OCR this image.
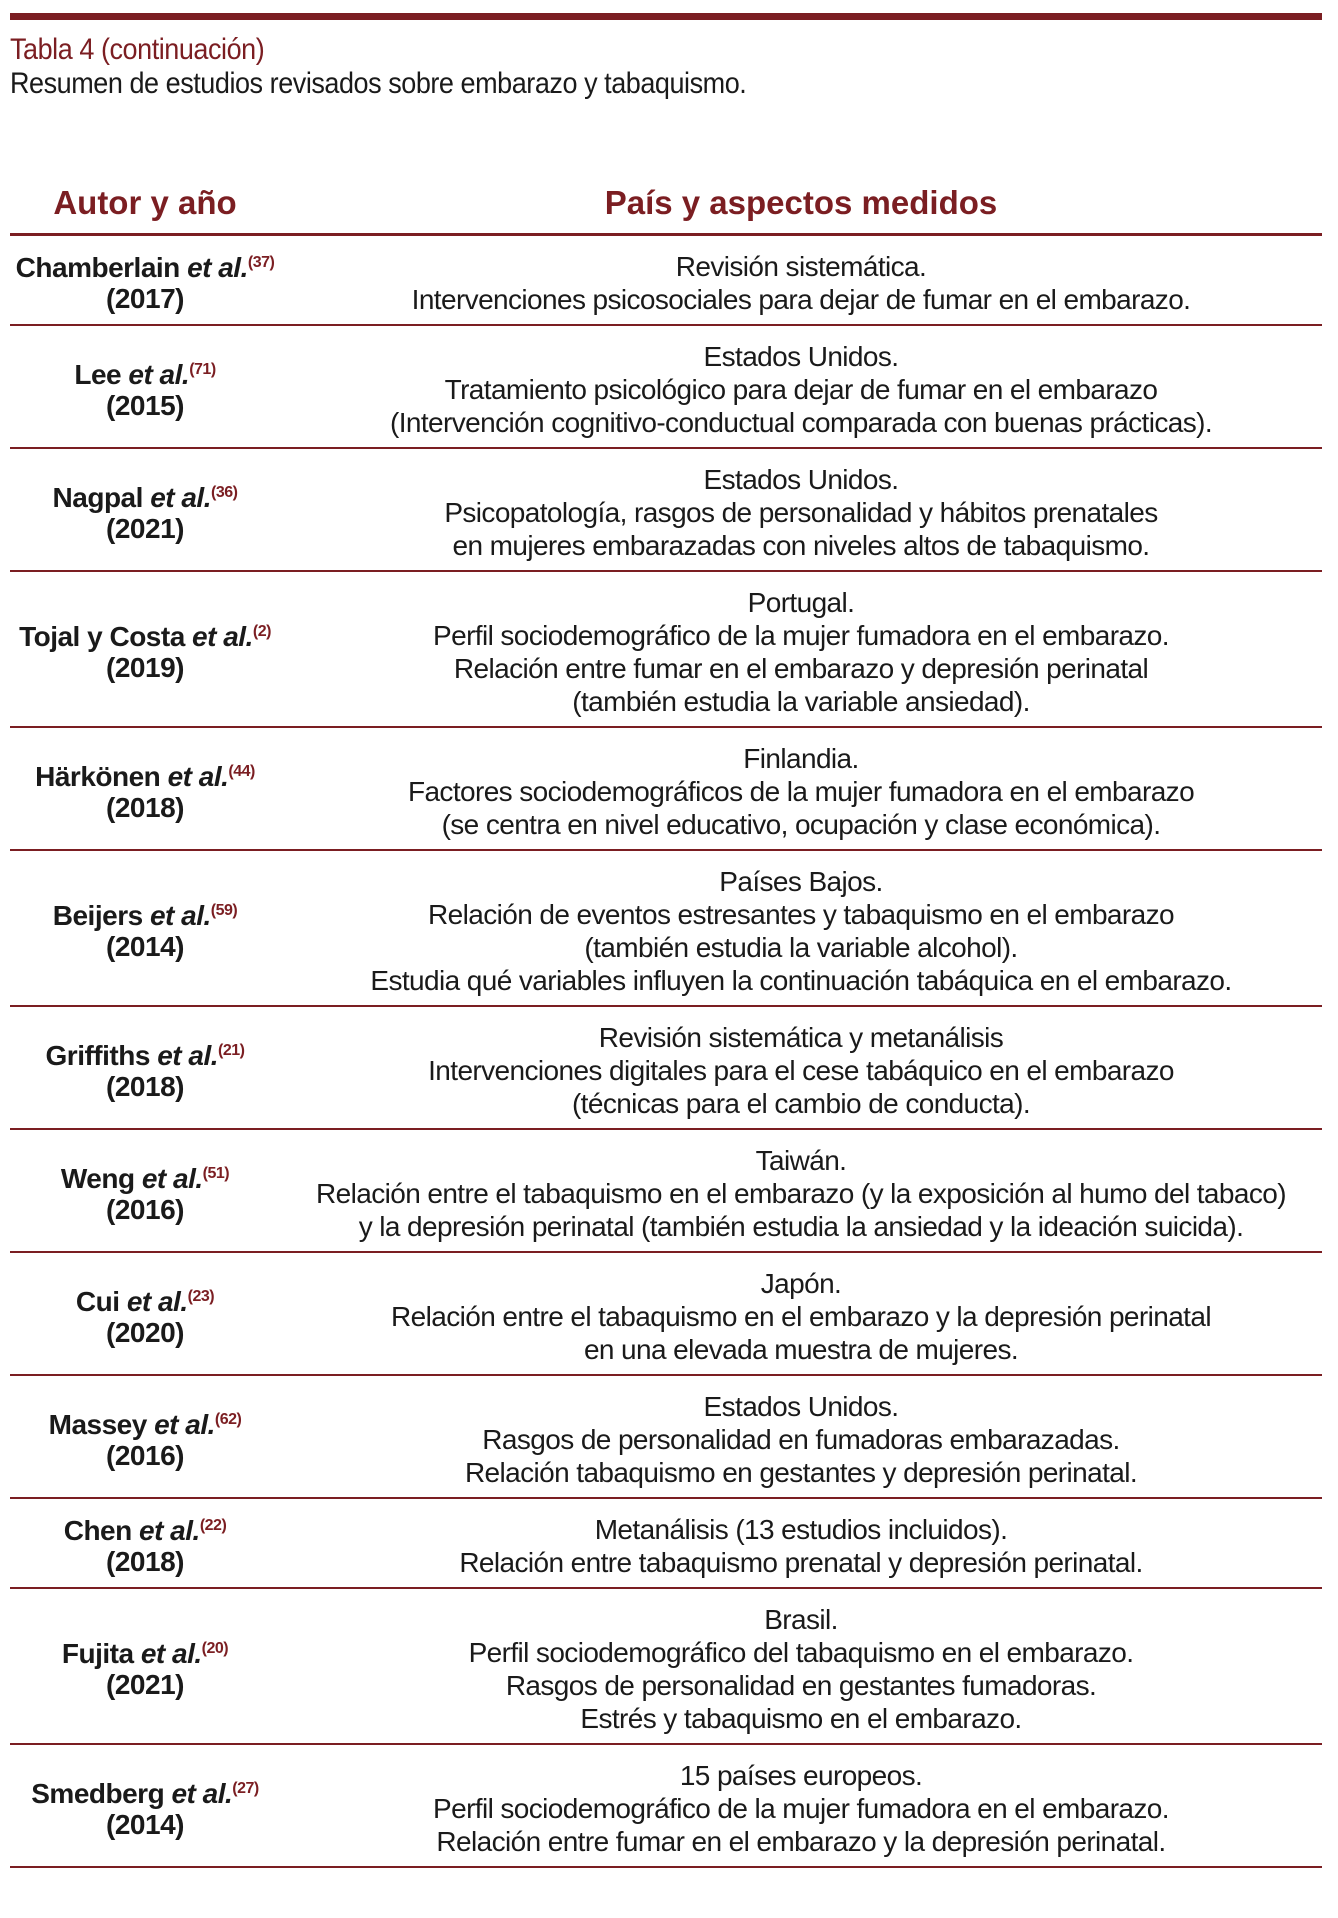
Tabla 4 (continuación)
Resumen de estudios revisados sobre embarazo y tabaquismo.
Autor y año	País y aspectos medidos
Chamberlain et al.$^{(37)}$
(2017)
Revisión sistemática.
Intervenciones psicosociales para dejar de fumar en el embarazo.
Lee et al.$^{(71)}$
(2015)
Estados Unidos.
Tratamiento psicológico para dejar de fumar en el embarazo
(Intervención cognitivo-conductual comparada con buenas prácticas).
Nagpal et al.$^{(36)}$
(2021)
Estados Unidos.
Psicopatología, rasgos de personalidad y hábitos prenatales
en mujeres embarazadas con niveles altos de tabaquismo.
Tojal y Costa et al.$^{(2)}$
(2019)
Portugal.
Perfil sociodemográfico de la mujer fumadora en el embarazo.
Relación entre fumar en el embarazo y depresión perinatal
(también estudia la variable ansiedad).
Härkönen et al.$^{(44)}$
(2018)
Finlandia.
Factores sociodemográficos de la mujer fumadora en el embarazo
(se centra en nivel educativo, ocupación y clase económica).
Beijers et al.$^{(59)}$
(2014)
Países Bajos.
Relación de eventos estresantes y tabaquismo en el embarazo
(también estudia la variable alcohol).
Estudia qué variables influyen la continuación tabáquica en el embarazo.
Griffiths et al.$^{(21)}$
(2018)
Revisión sistemática y metanálisis
Intervenciones digitales para el cese tabáquico en el embarazo
(técnicas para el cambio de conducta).
Weng et al.$^{(51)}$
(2016)
Taiwán.
Relación entre el tabaquismo en el embarazo (y la exposición al humo del tabaco)
y la depresión perinatal (también estudia la ansiedad y la ideación suicida).
Cui et al.$^{(23)}$
(2020)
Japón.
Relación entre el tabaquismo en el embarazo y la depresión perinatal
en una elevada muestra de mujeres.
Massey et al.$^{(62)}$
(2016)
Estados Unidos.
Rasgos de personalidad en fumadoras embarazadas.
Relación tabaquismo en gestantes y depresión perinatal.
Chen et al.$^{(22)}$
(2018)
Metanálisis (13 estudios incluidos).
Relación entre tabaquismo prenatal y depresión perinatal.
Fujita et al.$^{(20)}$
(2021)
Brasil.
Perfil sociodemográfico del tabaquismo en el embarazo.
Rasgos de personalidad en gestantes fumadoras.
Estrés y tabaquismo en el embarazo.
Smedberg et al.$^{(27)}$
(2014)
15 países europeos.
Perfil sociodemográfico de la mujer fumadora en el embarazo.
Relación entre fumar en el embarazo y la depresión perinatal.
